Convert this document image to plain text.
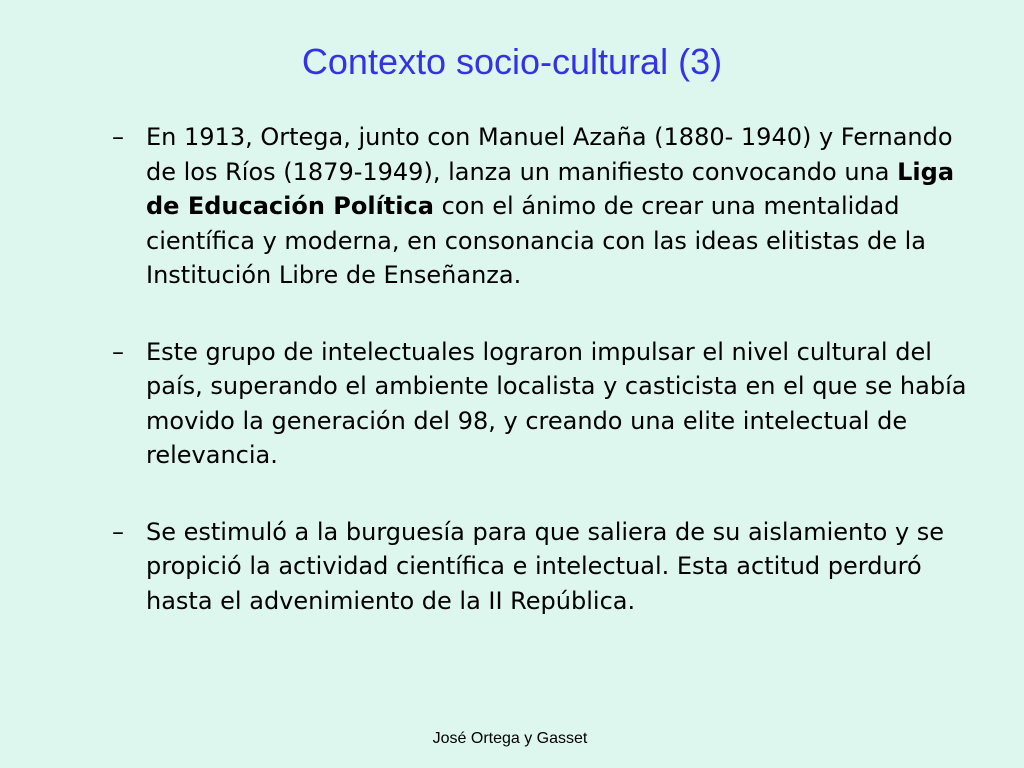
Contexto socio-cultural (3)
– En 1913, Ortega, junto con Manuel Azaña (1880- 1940) y Fernando de los Ríos (1879-1949), lanza un manifiesto convocando una Liga de Educación Política con el ánimo de crear una mentalidad científica y moderna, en consonancia con las ideas elitistas de la Institución Libre de Enseñanza.
– Este grupo de intelectuales lograron impulsar el nivel cultural del país, superando el ambiente localista y casticista en el que se había movido la generación del 98, y creando una elite intelectual de relevancia.
– Se estimuló a la burguesía para que saliera de su aislamiento y se propició la actividad científica e intelectual. Esta actitud perduró hasta el advenimiento de la II República.
José Ortega y Gasset
